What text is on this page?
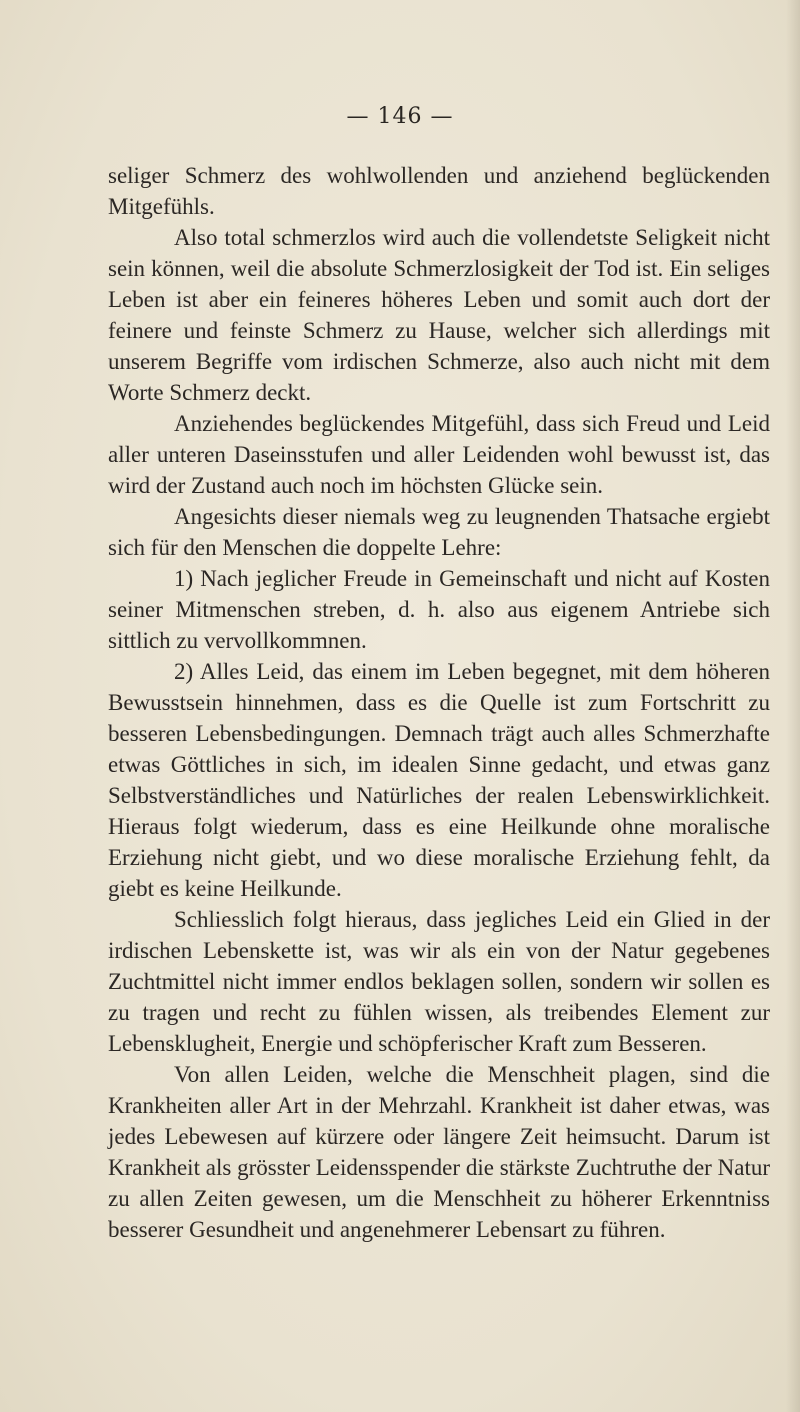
— 146 —

seliger Schmerz des wohlwollenden und anziehend beglückenden Mitgefühls.

Also total schmerzlos wird auch die vollendetste Seligkeit nicht sein können, weil die absolute Schmerzlosigkeit der Tod ist. Ein seliges Leben ist aber ein feineres höheres Leben und somit auch dort der feinere und feinste Schmerz zu Hause, welcher sich allerdings mit unserem Begriffe vom irdischen Schmerze, also auch nicht mit dem Worte Schmerz deckt.

Anziehendes beglückendes Mitgefühl, dass sich Freud und Leid aller unteren Daseinsstufen und aller Leidenden wohl bewusst ist, das wird der Zustand auch noch im höchsten Glücke sein.

Angesichts dieser niemals weg zu leugnenden Thatsache ergiebt sich für den Menschen die doppelte Lehre:

1) Nach jeglicher Freude in Gemeinschaft und nicht auf Kosten seiner Mitmenschen streben, d. h. also aus eigenem Antriebe sich sittlich zu vervollkommnen.

2) Alles Leid, das einem im Leben begegnet, mit dem höheren Bewusstsein hinnehmen, dass es die Quelle ist zum Fortschritt zu besseren Lebensbedingungen. Demnach trägt auch alles Schmerzhafte etwas Göttliches in sich, im idealen Sinne gedacht, und etwas ganz Selbstverständliches und Natürliches der realen Lebenswirklichkeit. Hieraus folgt wiederum, dass es eine Heilkunde ohne moralische Erziehung nicht giebt, und wo diese moralische Erziehung fehlt, da giebt es keine Heilkunde.

Schliesslich folgt hieraus, dass jegliches Leid ein Glied in der irdischen Lebenskette ist, was wir als ein von der Natur gegebenes Zuchtmittel nicht immer endlos beklagen sollen, sondern wir sollen es zu tragen und recht zu fühlen wissen, als treibendes Element zur Lebensklugheit, Energie und schöpferischer Kraft zum Besseren.

Von allen Leiden, welche die Menschheit plagen, sind die Krankheiten aller Art in der Mehrzahl. Krankheit ist daher etwas, was jedes Lebewesen auf kürzere oder längere Zeit heimsucht. Darum ist Krankheit als grösster Leidensspender die stärkste Zuchtruthe der Natur zu allen Zeiten gewesen, um die Menschheit zu höherer Erkenntniss besserer Gesundheit und angenehmerer Lebensart zu führen.
